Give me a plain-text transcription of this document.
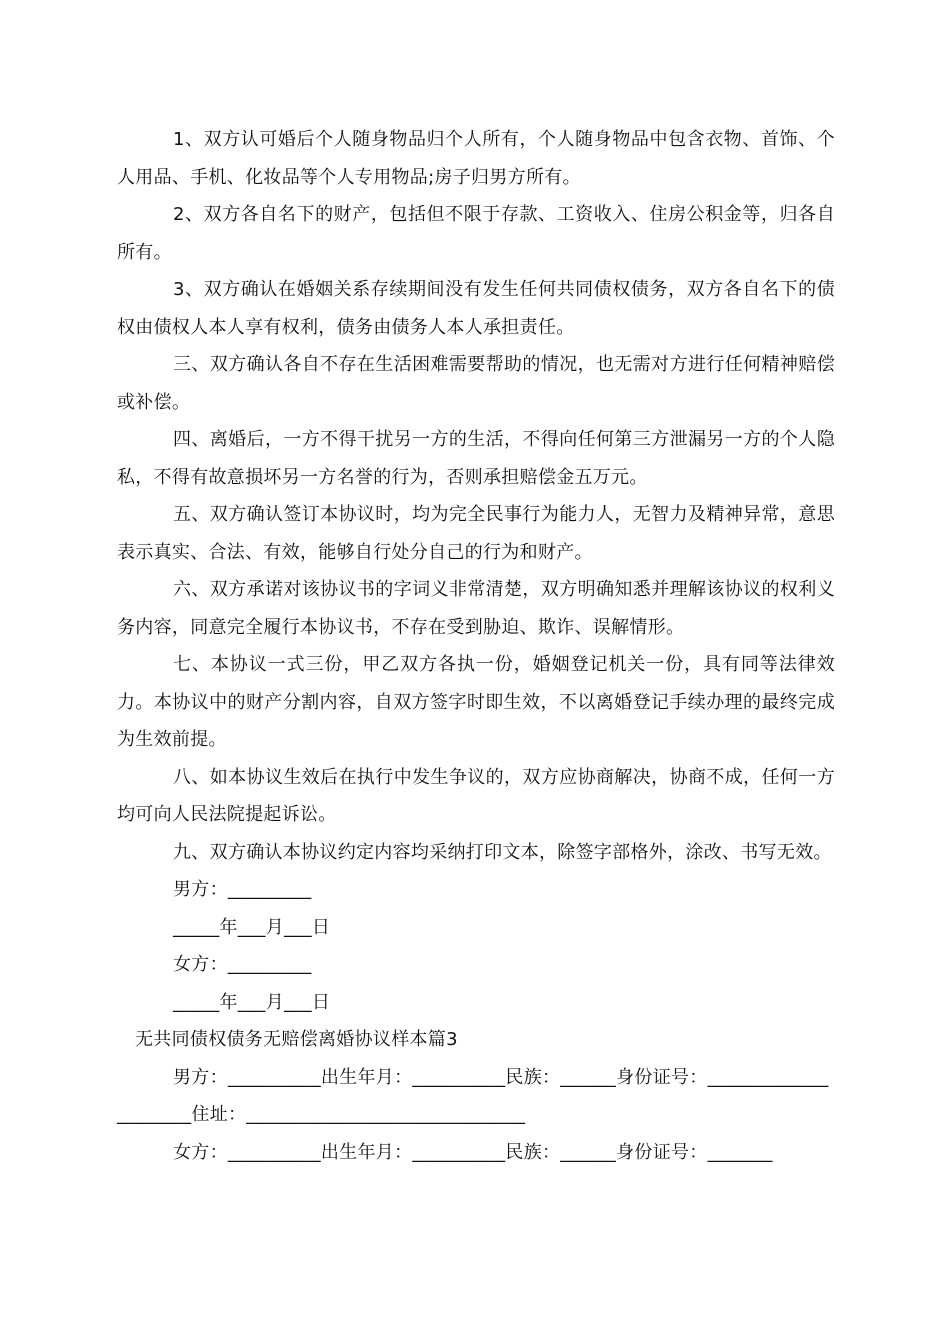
1、双方认可婚后个人随身物品归个人所有，个人随身物品中包含衣物、首饰、个人用品、手机、化妆品等个人专用物品;房子归男方所有。

2、双方各自名下的财产，包括但不限于存款、工资收入、住房公积金等，归各自所有。

3、双方确认在婚姻关系存续期间没有发生任何共同债权债务，双方各自名下的债权由债权人本人享有权利，债务由债务人本人承担责任。

三、双方确认各自不存在生活困难需要帮助的情况，也无需对方进行任何精神赔偿或补偿。

四、离婚后，一方不得干扰另一方的生活，不得向任何第三方泄漏另一方的个人隐私，不得有故意损坏另一方名誉的行为，否则承担赔偿金五万元。

五、双方确认签订本协议时，均为完全民事行为能力人，无智力及精神异常，意思表示真实、合法、有效，能够自行处分自己的行为和财产。

六、双方承诺对该协议书的字词义非常清楚，双方明确知悉并理解该协议的权利义务内容，同意完全履行本协议书，不存在受到胁迫、欺诈、误解情形。

七、本协议一式三份，甲乙双方各执一份，婚姻登记机关一份，具有同等法律效力。本协议中的财产分割内容，自双方签字时即生效，不以离婚登记手续办理的最终完成为生效前提。

八、如本协议生效后在执行中发生争议的，双方应协商解决，协商不成，任何一方均可向人民法院提起诉讼。

九、双方确认本协议约定内容均采纳打印文本，除签字部格外，涂改、书写无效。

男方：_________

_____年___月___日

女方：_________

_____年___月___日

无共同债权债务无赔偿离婚协议样本篇3

男方：__________出生年月：__________民族：______身份证号：_____________________住址：______________________________

女方：__________出生年月：__________民族：______身份证号：_______
